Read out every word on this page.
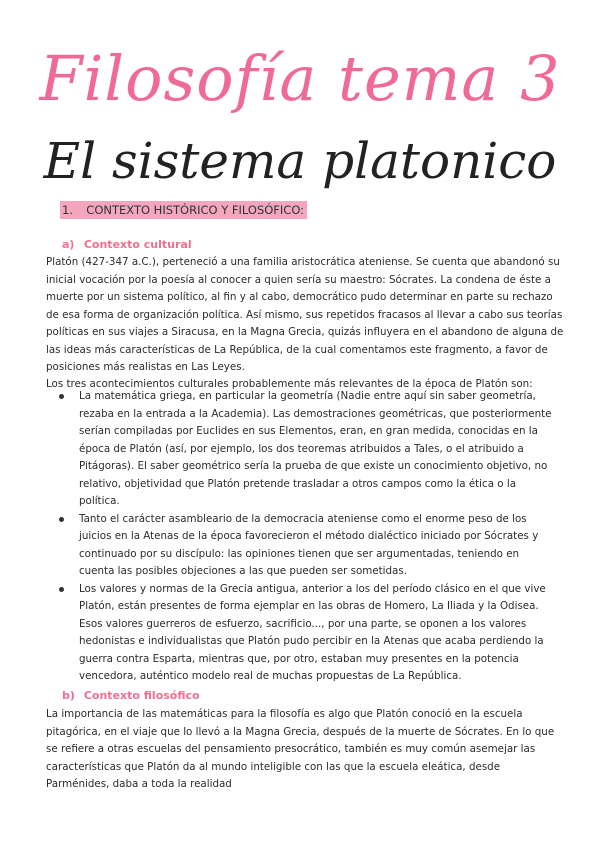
Filosofía tema 3
El sistema platonico
1. CONTEXTO HISTÓRICO Y FILOSÓFICO:
a) Contexto cultural

Platón (427-347 a.C.), perteneció a una familia aristocrática ateniense. Se cuenta que abandonó su inicial vocación por la poesía al conocer a quien sería su maestro: Sócrates. La condena de éste a muerte por un sistema político, al fin y al cabo, democrático pudo determinar en parte su rechazo de esa forma de organización política. Así mismo, sus repetidos fracasos al llevar a cabo sus teorías políticas en sus viajes a Siracusa, en la Magna Grecia, quizás influyera en el abandono de alguna de las ideas más características de La República, de la cual comentamos este fragmento, a favor de posiciones más realistas en Las Leyes.

Los tres acontecimientos culturales probablemente más relevantes de la época de Platón son:

La matemática griega, en particular la geometría (Nadie entre aquí sin saber geometría, rezaba en la entrada a la Academia). Las demostraciones geométricas, que posteriormente serían compiladas por Euclides en sus Elementos, eran, en gran medida, conocidas en la época de Platón (así, por ejemplo, los dos teoremas atribuidos a Tales, o el atribuido a Pitágoras). El saber geométrico sería la prueba de que existe un conocimiento objetivo, no relativo, objetividad que Platón pretende trasladar a otros campos como la ética o la política.
Tanto el carácter asambleario de la democracia ateniense como el enorme peso de los juicios en la Atenas de la época favorecieron el método dialéctico iniciado por Sócrates y continuado por su discípulo: las opiniones tienen que ser argumentadas, teniendo en cuenta las posibles objeciones a las que pueden ser sometidas.
Los valores y normas de la Grecia antigua, anterior a los del período clásico en el que vive Platón, están presentes de forma ejemplar en las obras de Homero, La Iliada y la Odisea. Esos valores guerreros de esfuerzo, sacrificio..., por una parte, se oponen a los valores hedonistas e individualistas que Platón pudo percibir en la Atenas que acaba perdiendo la guerra contra Esparta, mientras que, por otro, estaban muy presentes en la potencia vencedora, auténtico modelo real de muchas propuestas de La República.
b) Contexto filosófico

La importancia de las matemáticas para la filosofía es algo que Platón conoció en la escuela pitagórica, en el viaje que lo llevó a la Magna Grecia, después de la muerte de Sócrates. En lo que se refiere a otras escuelas del pensamiento presocrático, también es muy común asemejar las características que Platón da al mundo inteligible con las que la escuela eleática, desde Parménides, daba a toda la realidad
